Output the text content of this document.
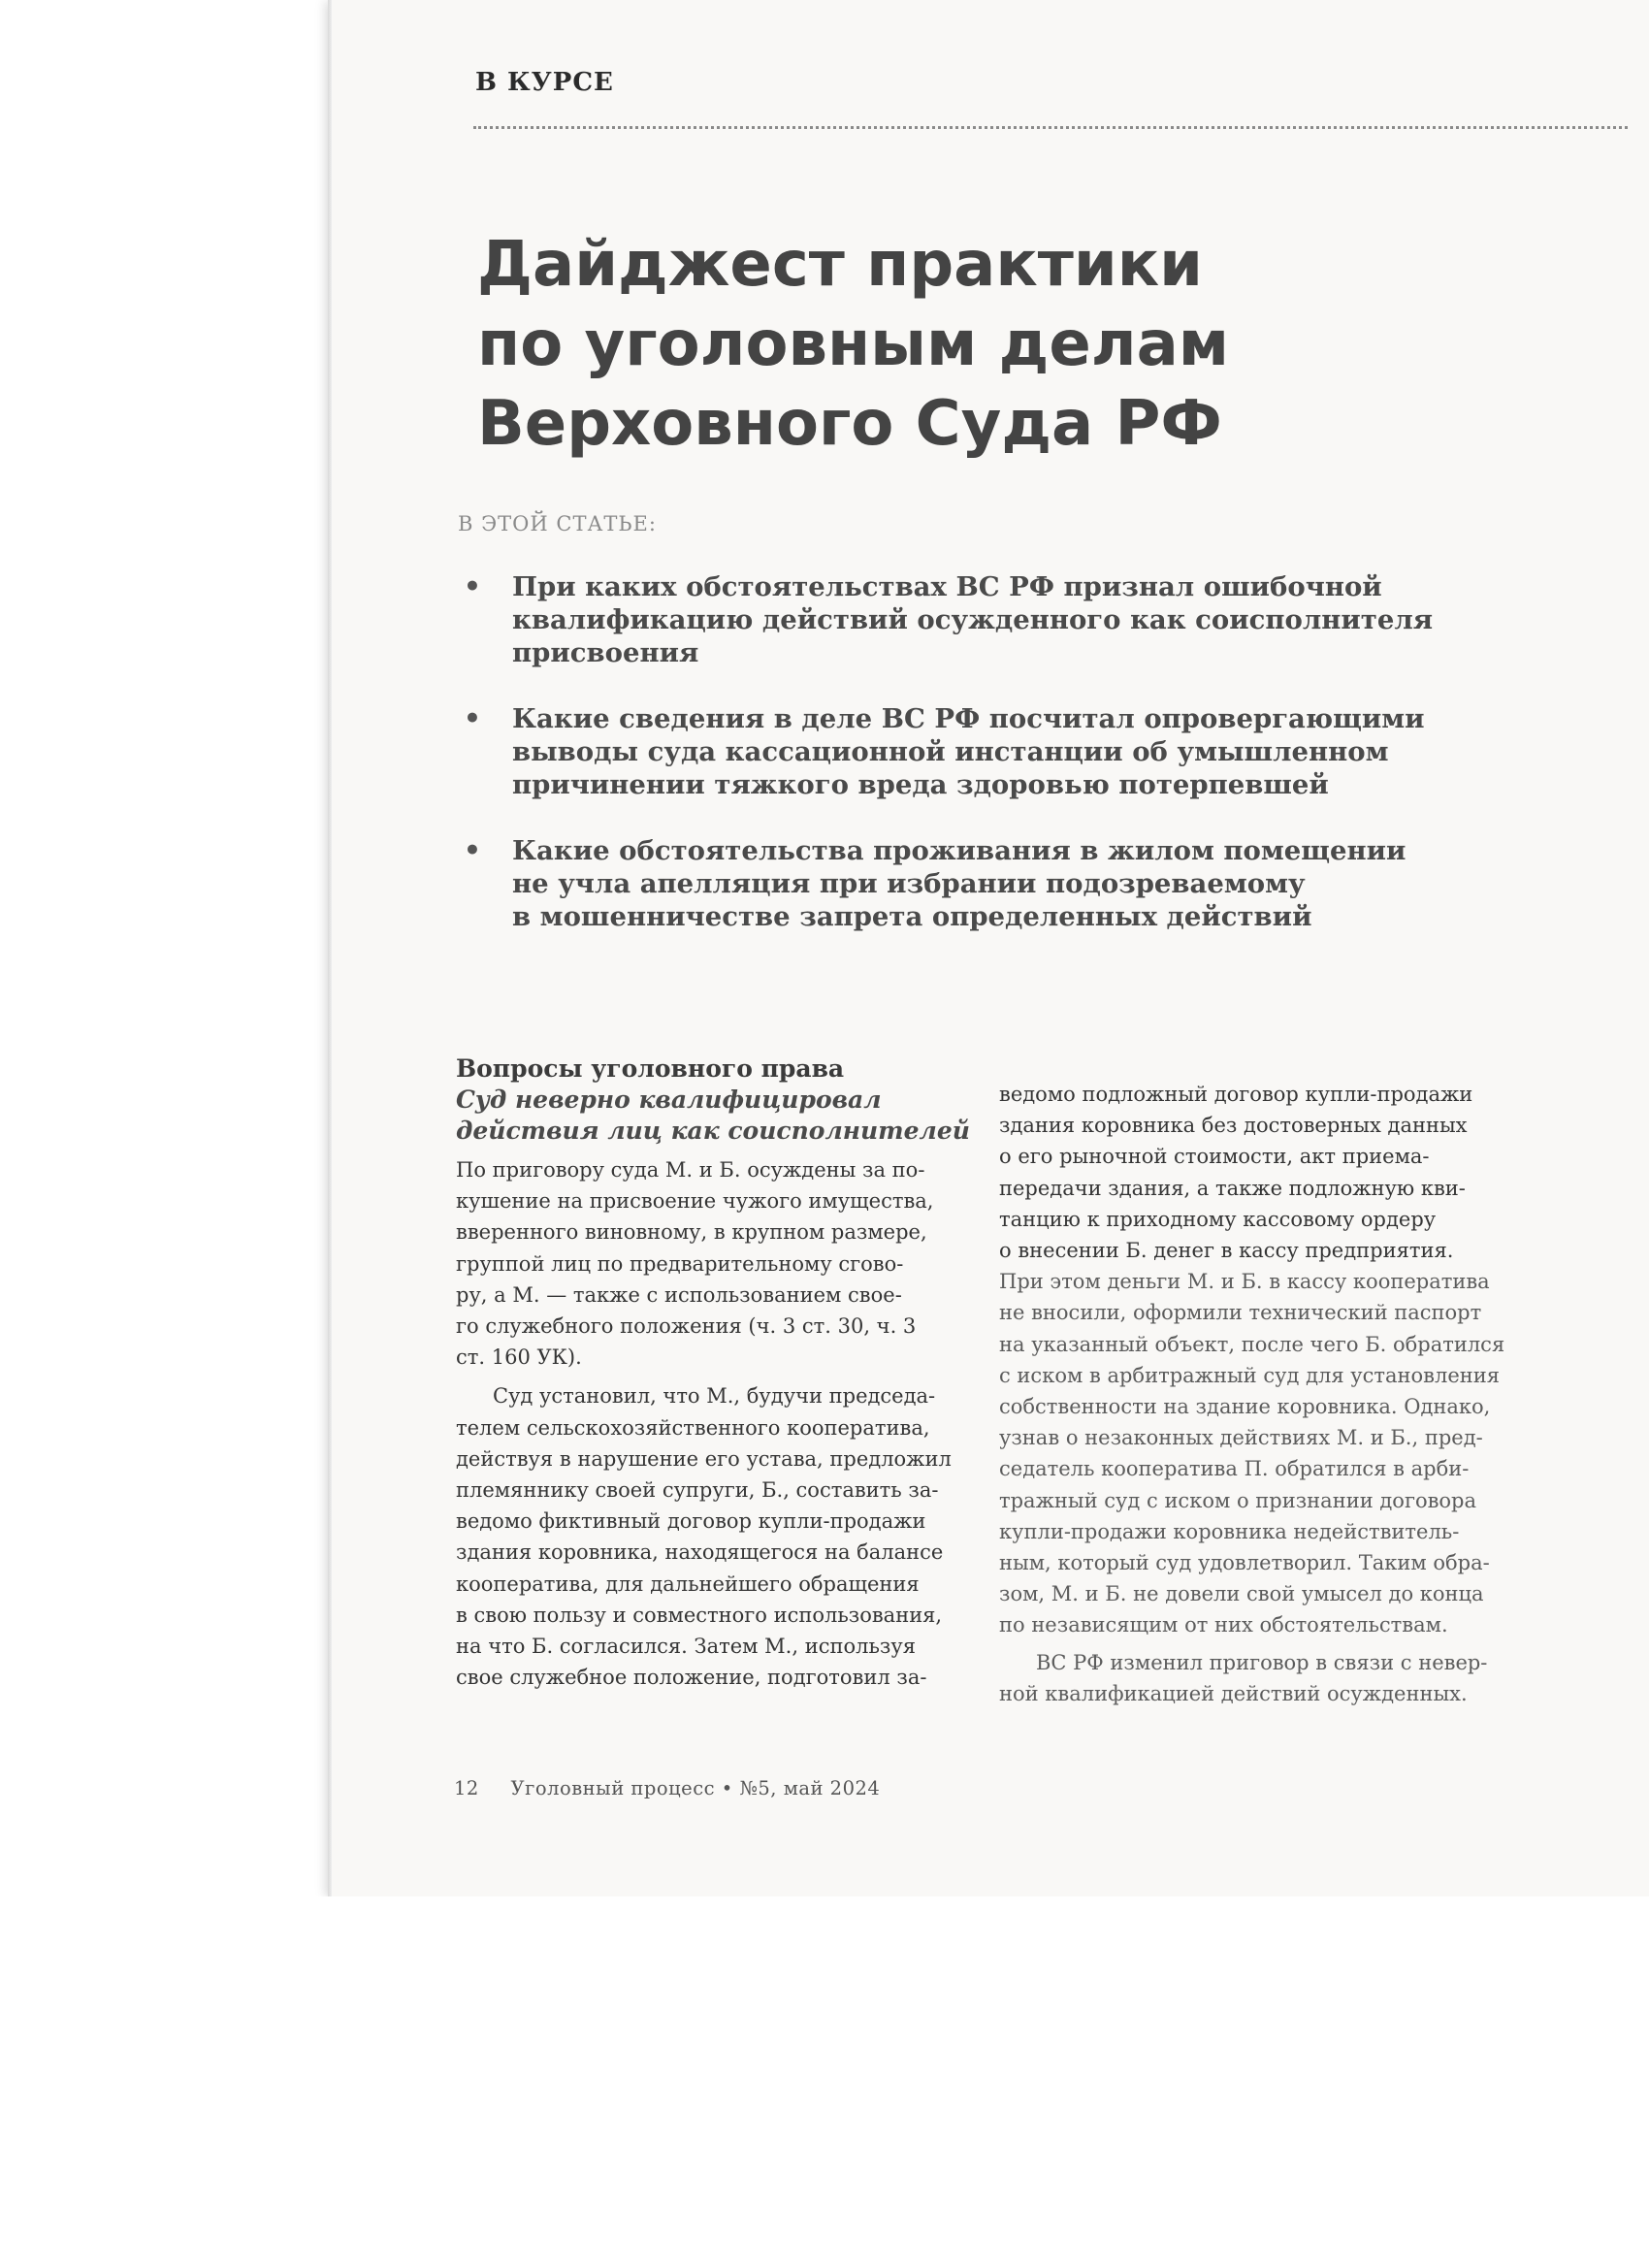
В КУРСЕ
Дайджест практики
по уголовным делам
Верховного Суда РФ
В ЭТОЙ СТАТЬЕ:
• При каких обстоятельствах ВС РФ признал ошибочной
квалификацию действий осужденного как соисполнителя
присвоения
• Какие сведения в деле ВС РФ посчитал опровергающими
выводы суда кассационной инстанции об умышленном
причинении тяжкого вреда здоровью потерпевшей
• Какие обстоятельства проживания в жилом помещении
не учла апелляция при избрании подозреваемому
в мошенничестве запрета определенных действий
Вопросы уголовного права
Суд неверно квалифицировал
действия лиц как соисполнителей
По приговору суда М. и Б. осуждены за по-
кушение на присвоение чужого имущества,
вверенного виновному, в крупном размере,
группой лиц по предварительному сгово-
ру, а М. — также с использованием свое-
го служебного положения (ч. 3 ст. 30, ч. 3
ст. 160 УК).
Суд установил, что М., будучи председа-
телем сельскохозяйственного кооператива,
действуя в нарушение его устава, предложил
племяннику своей супруги, Б., составить за-
ведомо фиктивный договор купли-продажи
здания коровника, находящегося на балансе
кооператива, для дальнейшего обращения
в свою пользу и совместного использования,
на что Б. согласился. Затем М., используя
свое служебное положение, подготовил за-
ведомо подложный договор купли-продажи
здания коровника без достоверных данных
о его рыночной стоимости, акт приема-
передачи здания, а также подложную кви-
танцию к приходному кассовому ордеру
о внесении Б. денег в кассу предприятия.
При этом деньги М. и Б. в кассу кооператива
не вносили, оформили технический паспорт
на указанный объект, после чего Б. обратился
с иском в арбитражный суд для установления
собственности на здание коровника. Однако,
узнав о незаконных действиях М. и Б., пред-
седатель кооператива П. обратился в арби-
тражный суд с иском о признании договора
купли-продажи коровника недействитель-
ным, который суд удовлетворил. Таким обра-
зом, М. и Б. не довели свой умысел до конца
по независящим от них обстоятельствам.
ВС РФ изменил приговор в связи с невер-
ной квалификацией действий осужденных.
12 Уголовный процесс • №5, май 2024
